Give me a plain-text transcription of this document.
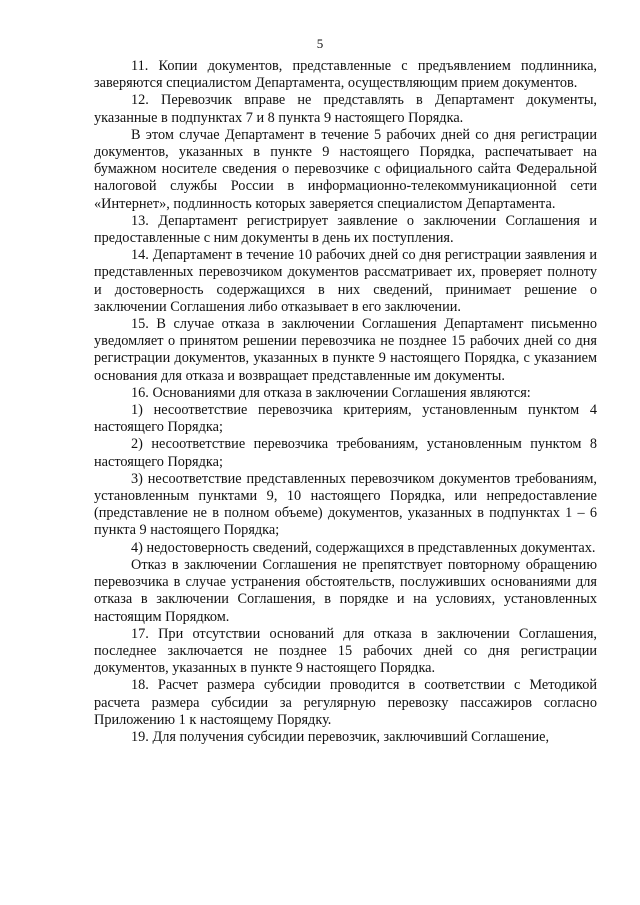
5

11. Копии документов, представленные с предъявлением подлинника, заверяются специалистом Департамента, осуществляющим прием документов.

12. Перевозчик вправе не представлять в Департамент документы, указанные в подпунктах 7 и 8 пункта 9 настоящего Порядка.

В этом случае Департамент в течение 5 рабочих дней со дня регистрации документов, указанных в пункте 9 настоящего Порядка, распечатывает на бумажном носителе сведения о перевозчике с официального сайта Федеральной налоговой службы России в информационно-телекоммуникационной сети «Интернет», подлинность которых заверяется специалистом Департамента.

13. Департамент регистрирует заявление о заключении Соглашения и предоставленные с ним документы в день их поступления.

14. Департамент в течение 10 рабочих дней со дня регистрации заявления и представленных перевозчиком документов рассматривает их, проверяет полноту и достоверность содержащихся в них сведений, принимает решение о заключении Соглашения либо отказывает в его заключении.

15. В случае отказа в заключении Соглашения Департамент письменно уведомляет о принятом решении перевозчика не позднее 15 рабочих дней со дня регистрации документов, указанных в пункте 9 настоящего Порядка, с указанием основания для отказа и возвращает представленные им документы.

16. Основаниями для отказа в заключении Соглашения являются:

1) несоответствие перевозчика критериям, установленным пунктом 4 настоящего Порядка;

2) несоответствие перевозчика требованиям, установленным пунктом 8 настоящего Порядка;

3) несоответствие представленных перевозчиком документов требованиям, установленным пунктами 9, 10 настоящего Порядка, или непредоставление (представление не в полном объеме) документов, указанных в подпунктах 1 – 6 пункта 9 настоящего Порядка;

4) недостоверность сведений, содержащихся в представленных документах.

Отказ в заключении Соглашения не препятствует повторному обращению перевозчика в случае устранения обстоятельств, послуживших основаниями для отказа в заключении Соглашения, в порядке и на условиях, установленных настоящим Порядком.

17. При отсутствии оснований для отказа в заключении Соглашения, последнее заключается не позднее 15 рабочих дней со дня регистрации документов, указанных в пункте 9 настоящего Порядка.

18. Расчет размера субсидии проводится в соответствии с Методикой расчета размера субсидии за регулярную перевозку пассажиров согласно Приложению 1 к настоящему Порядку.

19. Для получения субсидии перевозчик, заключивший Соглашение,
